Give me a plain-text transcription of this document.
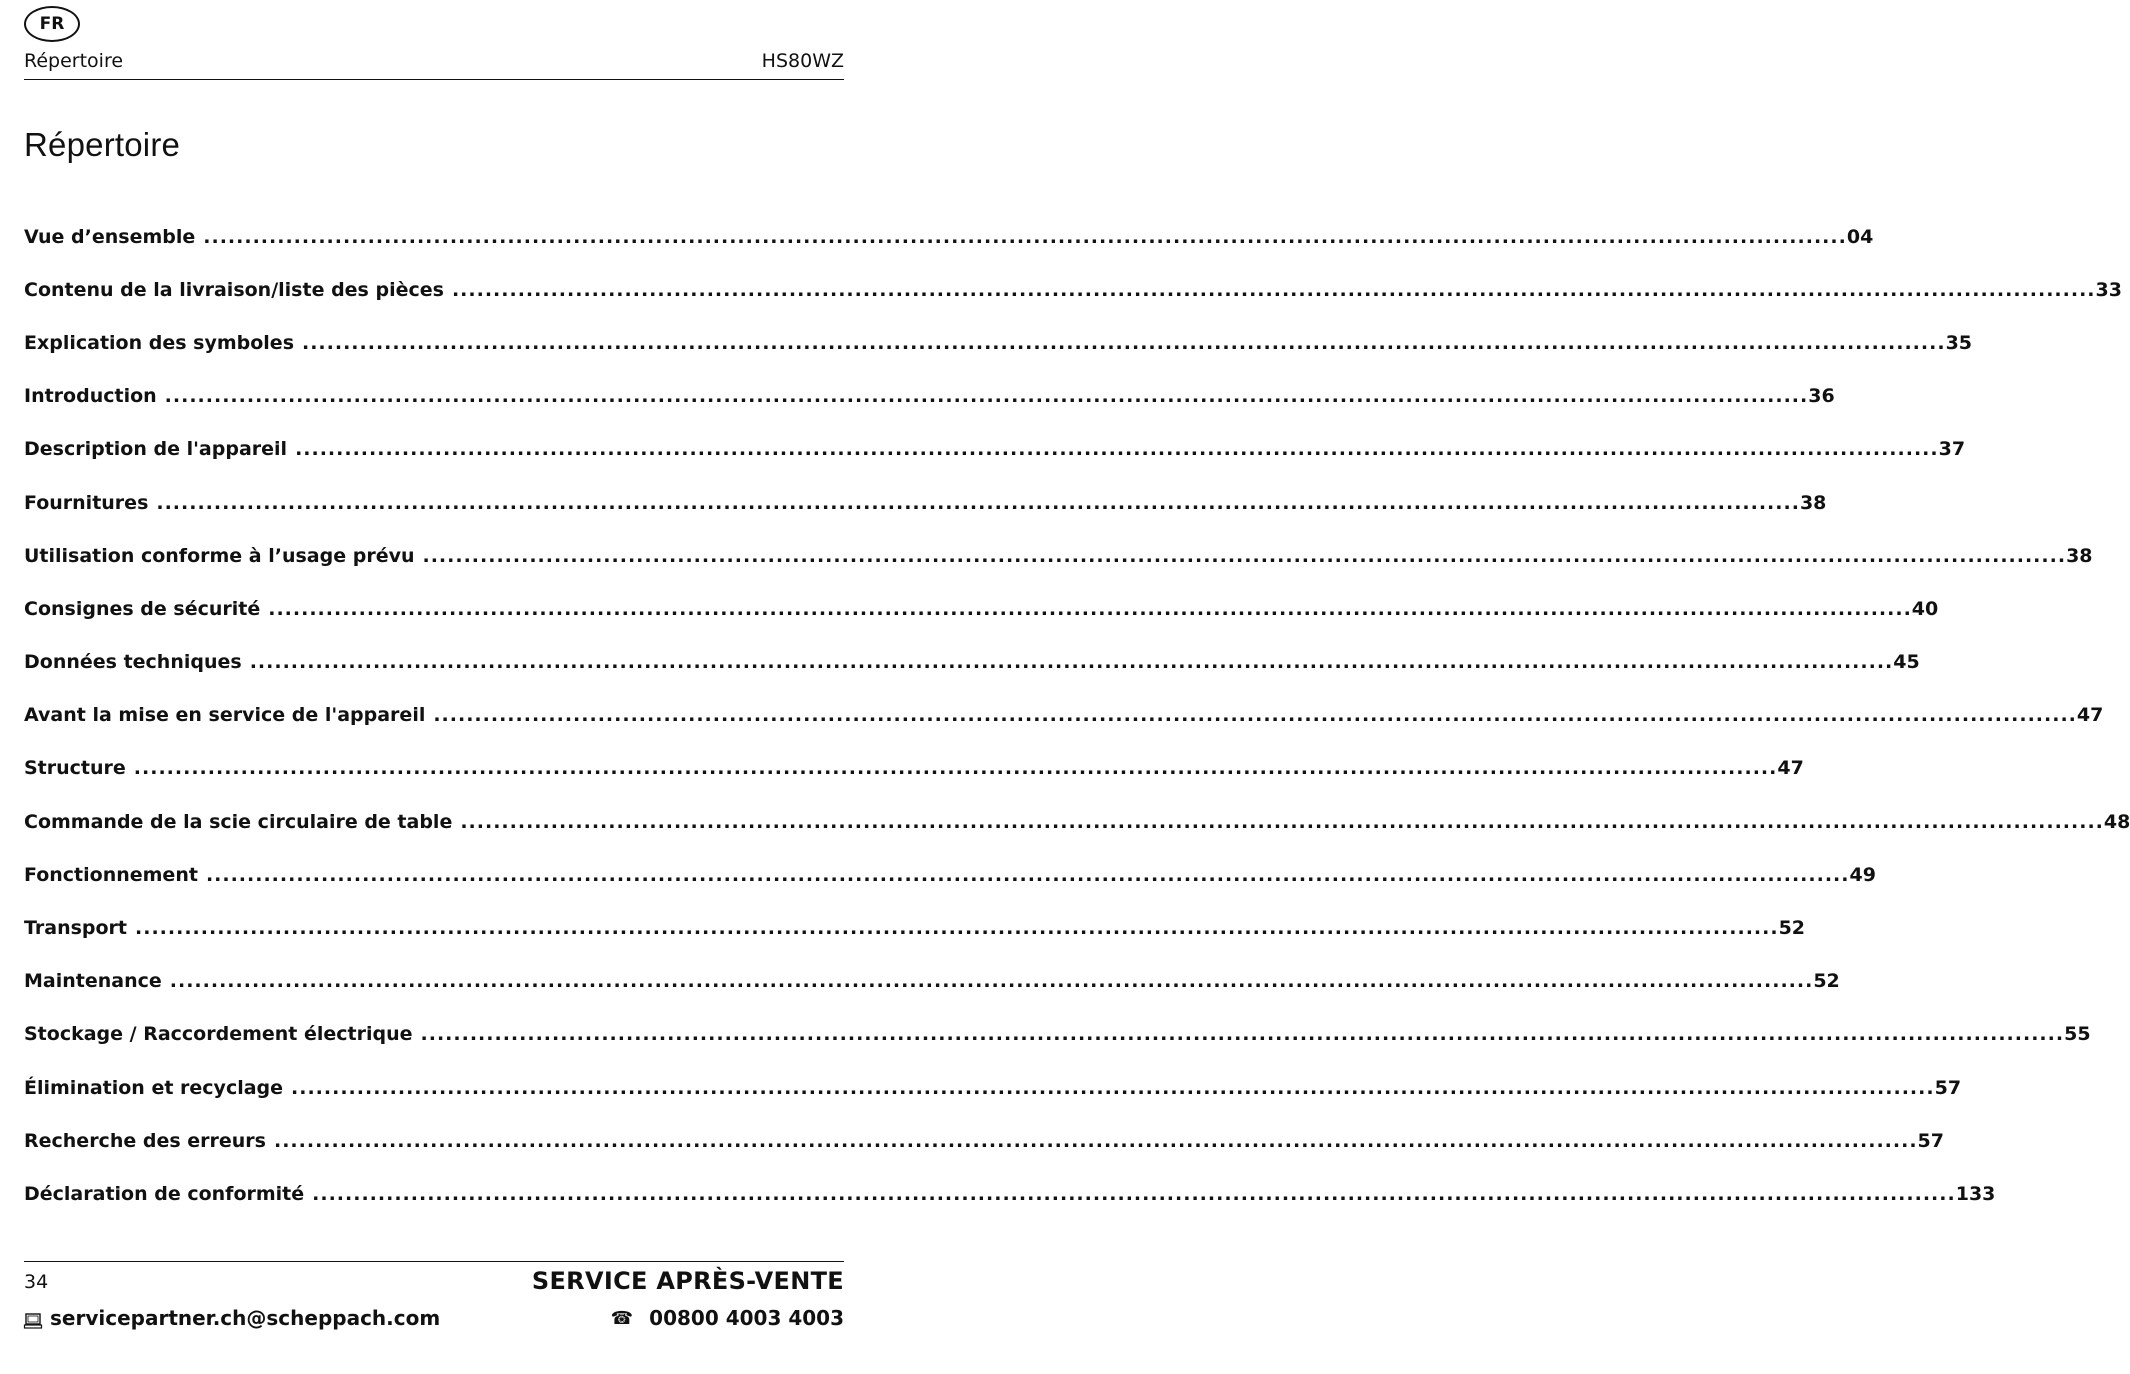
FR
Répertoire	HS80WZ
Répertoire
Vue d’ensemble ........................................................................................................................................................................................................ 04
Contenu de la livraison/liste des pièces ........................................................................................................................................................................................................ 33
Explication des symboles ........................................................................................................................................................................................................ 35
Introduction ........................................................................................................................................................................................................ 36
Description de l'appareil ........................................................................................................................................................................................................ 37
Fournitures ........................................................................................................................................................................................................ 38
Utilisation conforme à l’usage prévu ........................................................................................................................................................................................................ 38
Consignes de sécurité ........................................................................................................................................................................................................ 40
Données techniques ........................................................................................................................................................................................................ 45
Avant la mise en service de l'appareil ........................................................................................................................................................................................................ 47
Structure ........................................................................................................................................................................................................ 47
Commande de la scie circulaire de table ........................................................................................................................................................................................................ 48
Fonctionnement ........................................................................................................................................................................................................ 49
Transport ........................................................................................................................................................................................................ 52
Maintenance ........................................................................................................................................................................................................ 52
Stockage / Raccordement électrique ........................................................................................................................................................................................................ 55
Élimination et recyclage ........................................................................................................................................................................................................ 57
Recherche des erreurs ........................................................................................................................................................................................................ 57
Déclaration de conformité ........................................................................................................................................................................................................ 133
34	SERVICE APRÈS-VENTE
servicepartner.ch@scheppach.com	☎ 00800 4003 4003
